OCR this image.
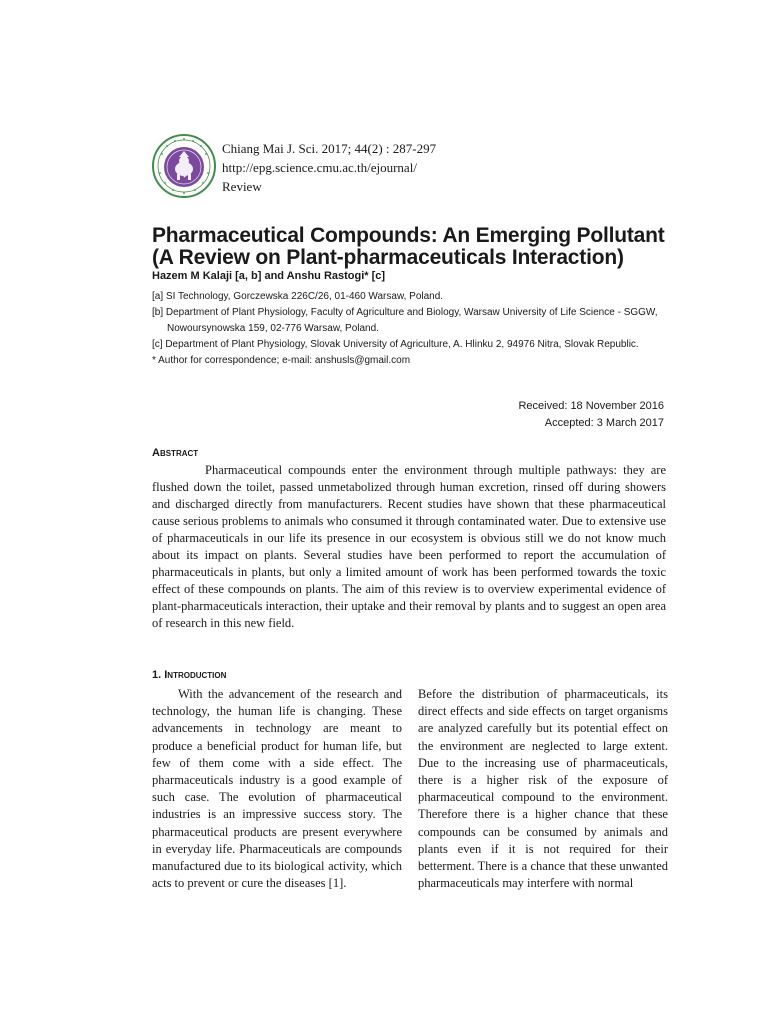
Chiang Mai J. Sci. 2017; 44(2) : 287-297
http://epg.science.cmu.ac.th/ejournal/
Review
Pharmaceutical Compounds: An Emerging Pollutant
(A Review on Plant-pharmaceuticals Interaction)
Hazem M Kalaji [a, b] and Anshu Rastogi* [c]
[a] SI Technology, Gorczewska 226C/26, 01-460 Warsaw, Poland.
[b] Department of Plant Physiology, Faculty of Agriculture and Biology, Warsaw University of Life Science - SGGW, Nowoursynowska 159, 02-776 Warsaw, Poland.
[c] Department of Plant Physiology, Slovak University of Agriculture, A. Hlinku 2, 94976 Nitra, Slovak Republic.
* Author for correspondence; e-mail: anshusls@gmail.com
Received: 18 November 2016
Accepted: 3 March 2017
Abstract

Pharmaceutical compounds enter the environment through multiple pathways: they are flushed down the toilet, passed unmetabolized through human excretion, rinsed off during showers and discharged directly from manufacturers. Recent studies have shown that these pharmaceutical cause serious problems to animals who consumed it through contaminated water. Due to extensive use of pharmaceuticals in our life its presence in our ecosystem is obvious still we do not know much about its impact on plants. Several studies have been performed to report the accumulation of pharmaceuticals in plants, but only a limited amount of work has been performed towards the toxic effect of these compounds on plants. The aim of this review is to overview experimental evidence of plant-pharmaceuticals interaction, their uptake and their removal by plants and to suggest an open area of research in this new field.

1. Introduction

With the advancement of the research and technology, the human life is changing. These advancements in technology are meant to produce a beneficial product for human life, but few of them come with a side effect. The pharmaceuticals industry is a good example of such case. The evolution of pharmaceutical industries is an impressive success story. The pharmaceutical products are present everywhere in everyday life. Pharmaceuticals are compounds manufactured due to its biological activity, which acts to prevent or cure the diseases [1].

Before the distribution of pharmaceuticals, its direct effects and side effects on target organisms are analyzed carefully but its potential effect on the environment are neglected to large extent. Due to the increasing use of pharmaceuticals, there is a higher risk of the exposure of pharmaceutical compound to the environment. Therefore there is a higher chance that these compounds can be consumed by animals and plants even if it is not required for their betterment. There is a chance that these unwanted pharmaceuticals may interfere with normal
